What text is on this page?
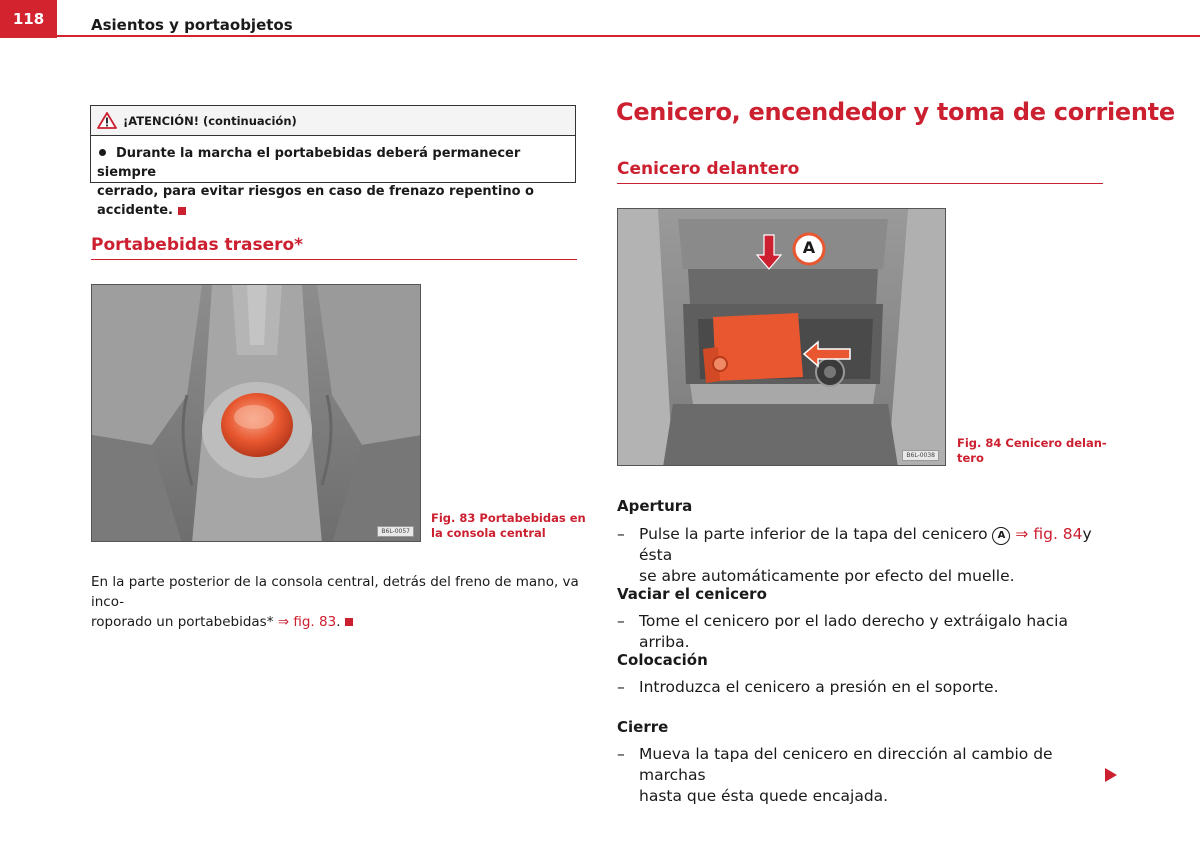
118	Asientos y portaobjetos
¡ATENCIÓN! (continuación)
Durante la marcha el portabebidas deberá permanecer siempre
cerrado, para evitar riesgos en caso de frenazo repentino o accidente.
Portabebidas trasero*
B6L-0057
Fig. 83 Portabebidas en
la consola central
En la parte posterior de la consola central, detrás del freno de mano, va inco-
roporado un portabebidas* ⇒ fig. 83.
Cenicero, encendedor y toma de corriente
Cenicero delantero
A
B6L-0038
Fig. 84 Cenicero delan-
tero
Apertura
– Pulse la parte inferior de la tapa del cenicero A ⇒ fig. 84y ésta
se abre automáticamente por efecto del muelle.
Vaciar el cenicero
– Tome el cenicero por el lado derecho y extráigalo hacia arriba.
Colocación
– Introduzca el cenicero a presión en el soporte.
Cierre
– Mueva la tapa del cenicero en dirección al cambio de marchas
hasta que ésta quede encajada.
